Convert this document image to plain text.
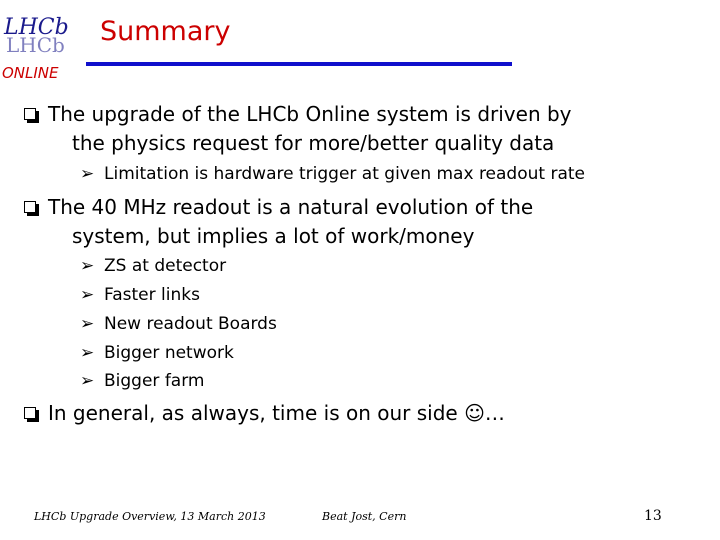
LHCb
LHCb
ONLINE
Summary
The upgrade of the LHCb Online system is driven by
the physics request for more/better quality data
➢ Limitation is hardware trigger at given max readout rate
The 40 MHz readout is a natural evolution of the
system, but implies a lot of work/money
➢ ZS at detector
➢ Faster links
➢ New readout Boards
➢ Bigger network
➢ Bigger farm
In general, as always, time is on our side ☺…
LHCb Upgrade Overview, 13 March 2013	Beat Jost, Cern	13
